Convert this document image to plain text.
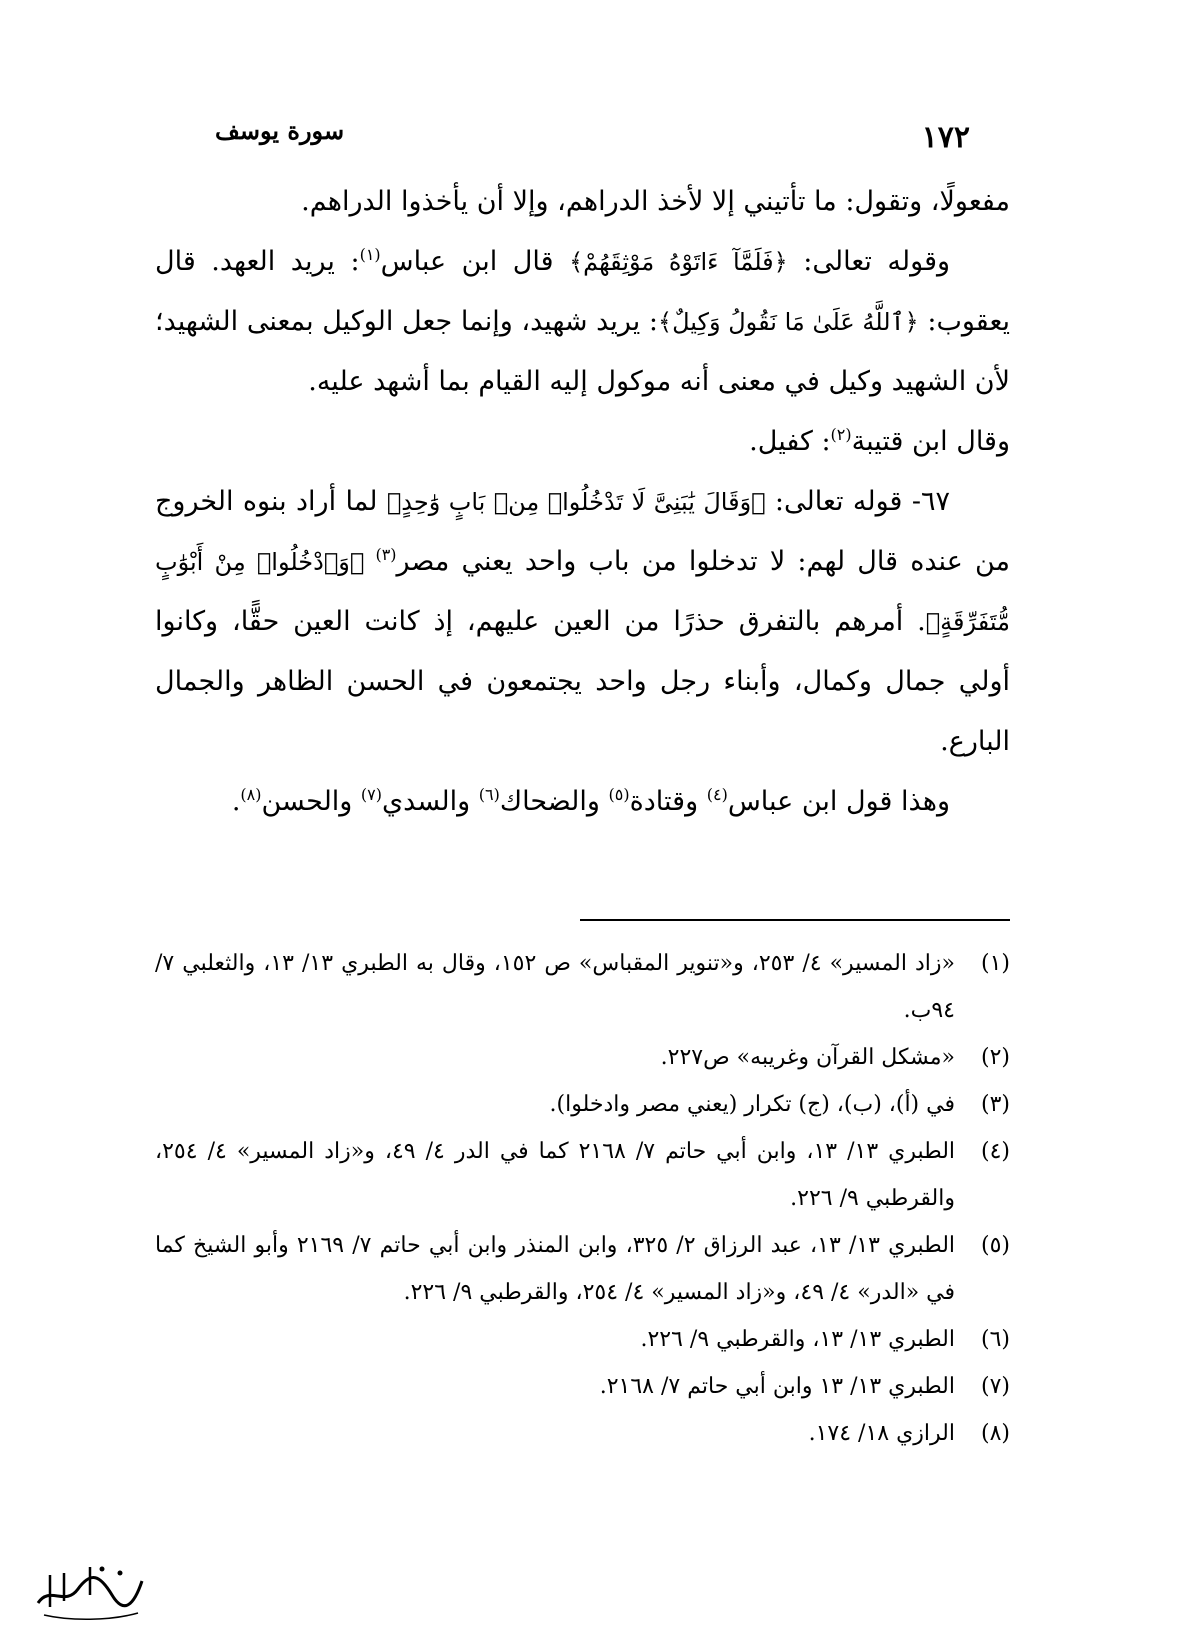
١٧٢
سورة يوسف

مفعولًا، وتقول: ما تأتيني إلا لأخذ الدراهم، وإلا أن يأخذوا الدراهم.

وقوله تعالى: ﴿فَلَمَّآ ءَاتَوْهُ مَوْثِقَهُمْ﴾ قال ابن عباس$^{(١)}$: يريد العهد. قال يعقوب: ﴿ٱللَّهُ عَلَىٰ مَا نَقُولُ وَكِيلٌ﴾: يريد شهيد، وإنما جعل الوكيل بمعنى الشهيد؛ لأن الشهيد وكيل في معنى أنه موكول إليه القيام بما أشهد عليه.

وقال ابن قتيبة$^{(٢)}$: كفيل.

٦٧- قوله تعالى: ﴿وَقَالَ يَٰبَنِىَّ لَا تَدْخُلُوا۟ مِنۢ بَابٍ وَٰحِدٍ﴾ لما أراد بنوه الخروج من عنده قال لهم: لا تدخلوا من باب واحد يعني مصر$^{(٣)}$ ﴿وَٱدْخُلُوا۟ مِنْ أَبْوَٰبٍ مُّتَفَرِّقَةٍ﴾. أمرهم بالتفرق حذرًا من العين عليهم، إذ كانت العين حقًّا، وكانوا أولي جمال وكمال، وأبناء رجل واحد يجتمعون في الحسن الظاهر والجمال البارع.

وهذا قول ابن عباس$^{(٤)}$ وقتادة$^{(٥)}$ والضحاك$^{(٦)}$ والسدي$^{(٧)}$ والحسن$^{(٨)}$.

(١)
«زاد المسير» ٤/ ٢٥٣، و«تنوير المقباس» ص ١٥٢، وقال به الطبري ١٣/ ١٣، والثعلبي ٧/ ٩٤ب.
(٢)
«مشكل القرآن وغريبه» ص٢٢٧.
(٣)
في (أ)، (ب)، (ج) تكرار (يعني مصر وادخلوا).
(٤)
الطبري ١٣/ ١٣، وابن أبي حاتم ٧/ ٢١٦٨ كما في الدر ٤/ ٤٩، و«زاد المسير» ٤/ ٢٥٤، والقرطبي ٩/ ٢٢٦.
(٥)
الطبري ١٣/ ١٣، عبد الرزاق ٢/ ٣٢٥، وابن المنذر وابن أبي حاتم ٧/ ٢١٦٩ وأبو الشيخ كما في «الدر» ٤/ ٤٩، و«زاد المسير» ٤/ ٢٥٤، والقرطبي ٩/ ٢٢٦.
(٦)
الطبري ١٣/ ١٣، والقرطبي ٩/ ٢٢٦.
(٧)
الطبري ١٣/ ١٣ وابن أبي حاتم ٧/ ٢١٦٨.
(٨)
الرازي ١٨/ ١٧٤.
